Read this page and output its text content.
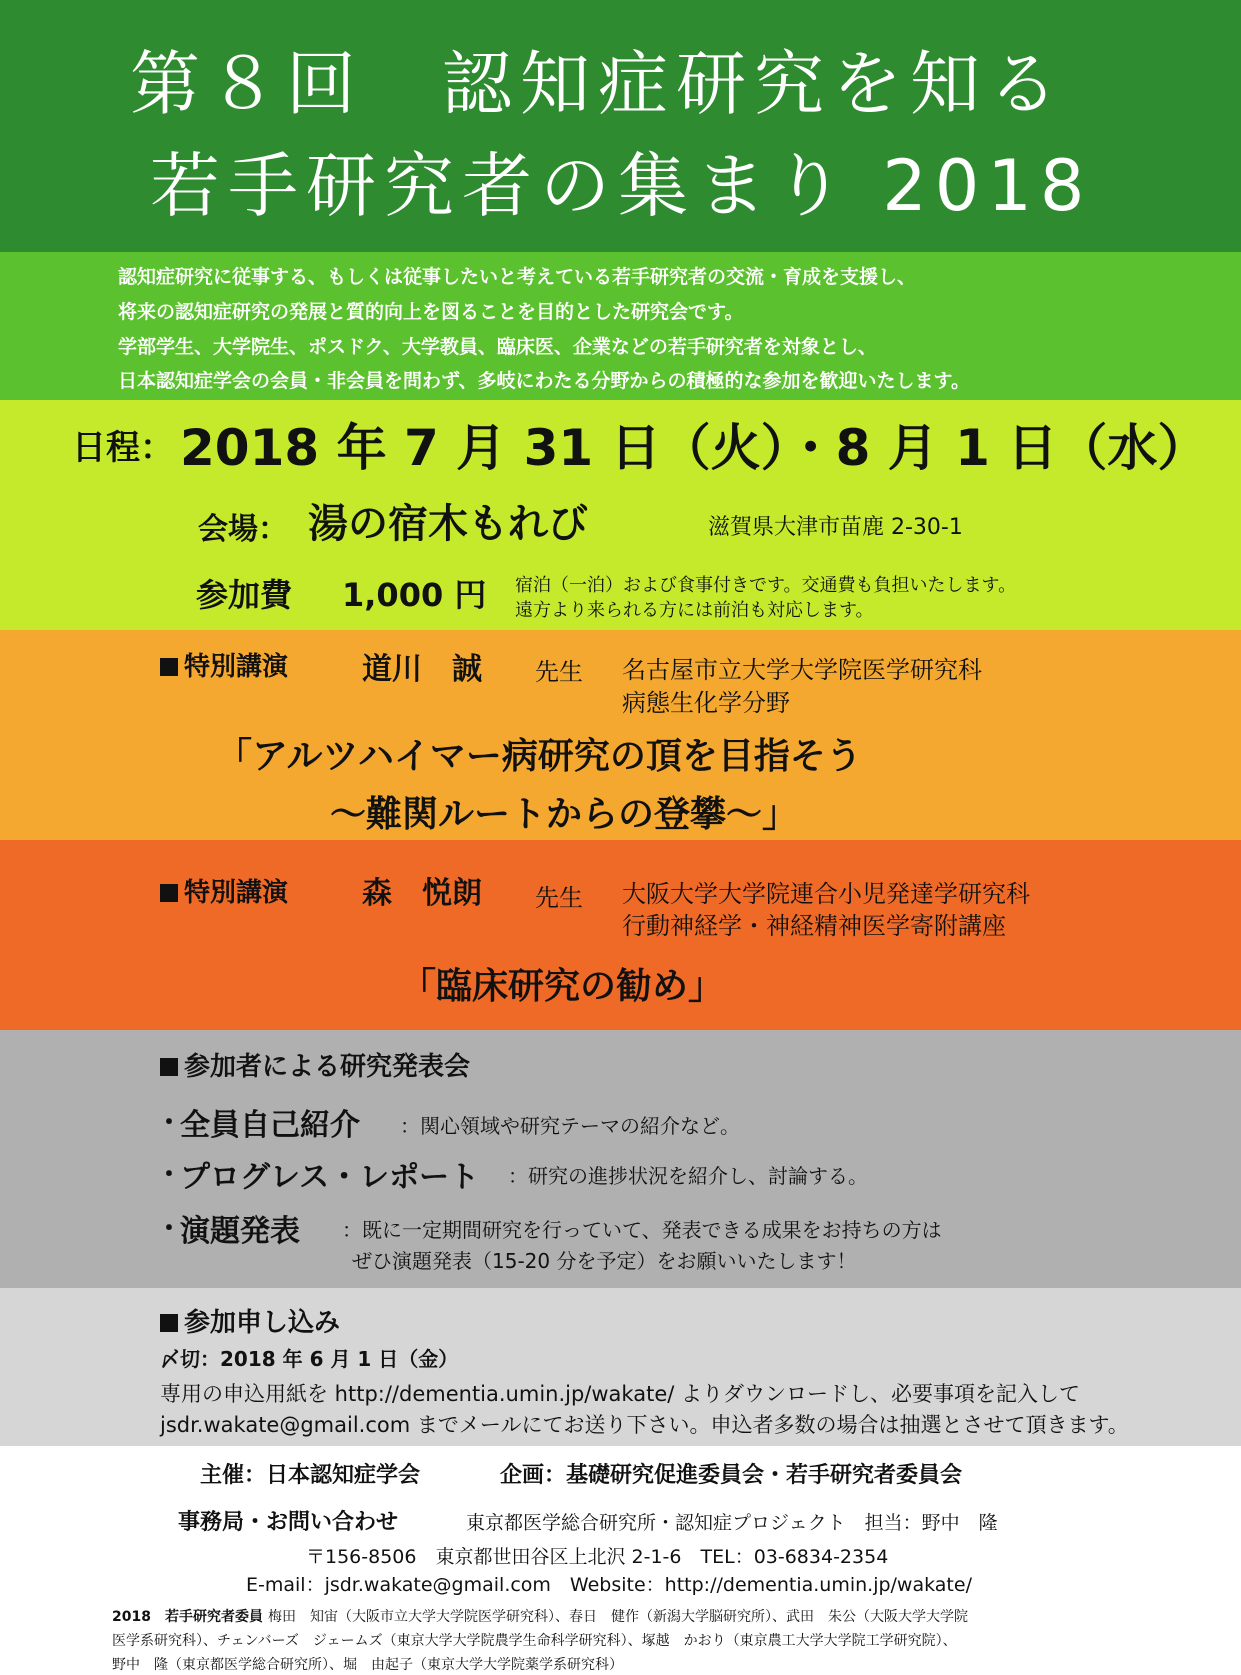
第８回　認知症研究を知る
若手研究者の集まり 2018
認知症研究に従事する、もしくは従事したいと考えている若手研究者の交流・育成を支援し、
将来の認知症研究の発展と質的向上を図ることを目的とした研究会です。
学部学生、大学院生、ポスドク、大学教員、臨床医、企業などの若手研究者を対象とし、
日本認知症学会の会員・非会員を問わず、多岐にわたる分野からの積極的な参加を歓迎いたします。
日程： 2018 年 7 月 31 日（火）・8 月 1 日（水）
会場： 湯の宿木もれび	滋賀県大津市苗鹿 2-30-1
参加費 1,000 円 宿泊（一泊）および食事付きです。交通費も負担いたします。
遠方より来られる方には前泊も対応します。
特別講演 道川　誠 先生 名古屋市立大学大学院医学研究科
病態生化学分野
「アルツハイマー病研究の頂を目指そう
〜難関ルートからの登攀〜」
特別講演 森　悦朗 先生 大阪大学大学院連合小児発達学研究科
行動神経学・神経精神医学寄附講座
「臨床研究の勧め」
参加者による研究発表会
・
全員自己紹介 ：関心領域や研究テーマの紹介など。
・
プログレス・レポート ：研究の進捗状況を紹介し、討論する。
・
演題発表 ：既に一定期間研究を行っていて、発表できる成果をお持ちの方は
ぜひ演題発表（15-20 分を予定）をお願いいたします！
参加申し込み
〆切：2018 年 6 月 1 日（金）
専用の申込用紙を http://dementia.umin.jp/wakate/ よりダウンロードし、必要事項を記入して
jsdr.wakate@gmail.com までメールにてお送り下さい。申込者多数の場合は抽選とさせて頂きます。
主催：日本認知症学会	企画：基礎研究促進委員会・若手研究者委員会
事務局・お問い合わせ	東京都医学総合研究所・認知症プロジェクト　担当：野中　隆
〒156-8506　東京都世田谷区上北沢 2-1-6　TEL：03-6834-2354
E-mail：jsdr.wakate@gmail.com　Website：http://dementia.umin.jp/wakate/
2018　若手研究者委員 梅田　知宙（大阪市立大学大学院医学研究科）、春日　健作（新潟大学脳研究所）、武田　朱公（大阪大学大学院
医学系研究科）、チェンバーズ　ジェームズ（東京大学大学院農学生命科学研究科）、塚越　かおり（東京農工大学大学院工学研究院）、
野中　隆（東京都医学総合研究所）、堀　由起子（東京大学大学院薬学系研究科）
